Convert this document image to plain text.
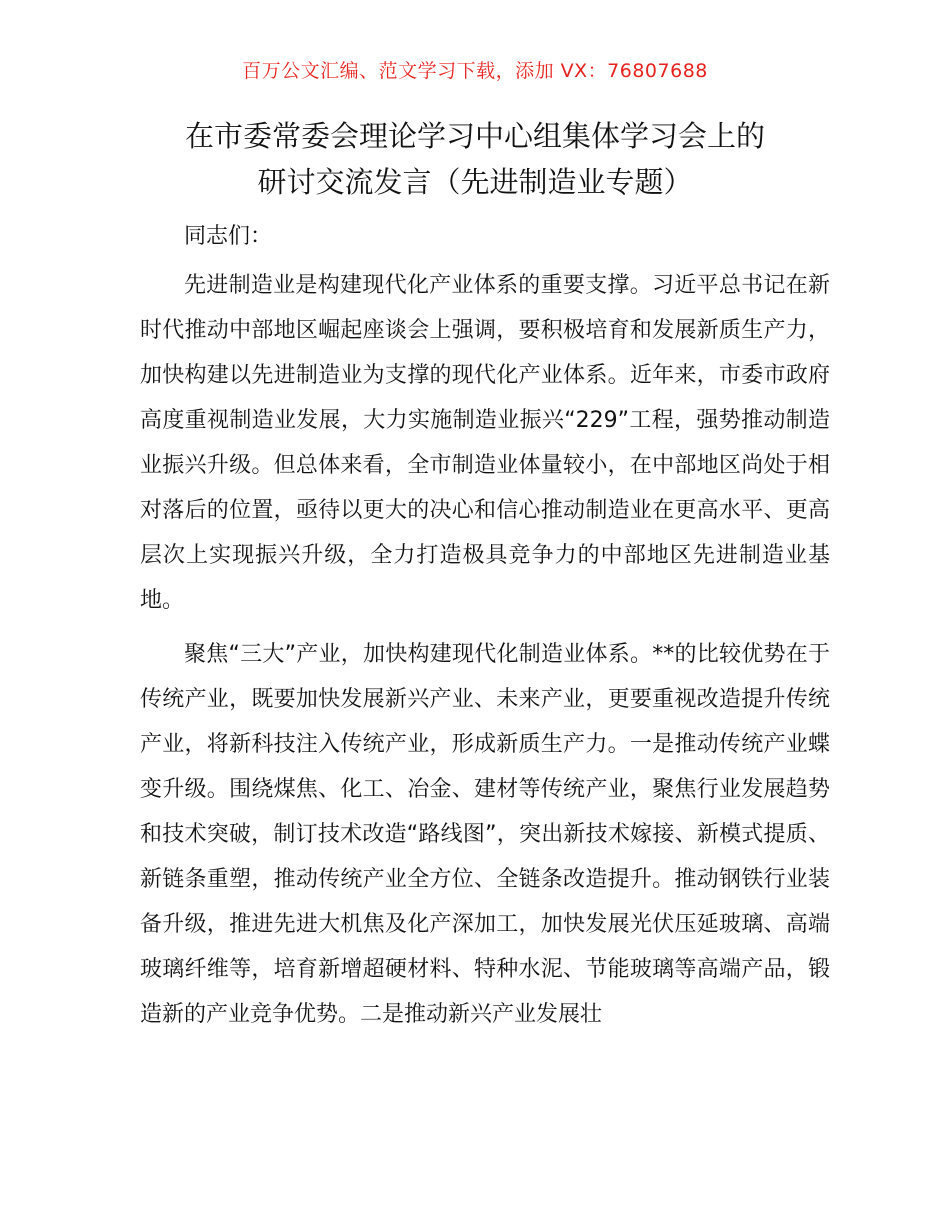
百万公文汇编、范文学习下载，添加 VX：76807688
在市委常委会理论学习中心组集体学习会上的
研讨交流发言（先进制造业专题）

同志们：

先进制造业是构建现代化产业体系的重要支撑。习近平总书记在新时代推动中部地区崛起座谈会上强调，要积极培育和发展新质生产力，加快构建以先进制造业为支撑的现代化产业体系。近年来，市委市政府高度重视制造业发展，大力实施制造业振兴“229”工程，强势推动制造业振兴升级。但总体来看，全市制造业体量较小，在中部地区尚处于相对落后的位置，亟待以更大的决心和信心推动制造业在更高水平、更高层次上实现振兴升级，全力打造极具竞争力的中部地区先进制造业基地。

聚焦“三大”产业，加快构建现代化制造业体系。**的比较优势在于传统产业，既要加快发展新兴产业、未来产业，更要重视改造提升传统产业，将新科技注入传统产业，形成新质生产力。一是推动传统产业蝶变升级。围绕煤焦、化工、冶金、建材等传统产业，聚焦行业发展趋势和技术突破，制订技术改造“路线图”，突出新技术嫁接、新模式提质、新链条重塑，推动传统产业全方位、全链条改造提升。推动钢铁行业装备升级，推进先进大机焦及化产深加工，加快发展光伏压延玻璃、高端玻璃纤维等，培育新增超硬材料、特种水泥、节能玻璃等高端产品，锻造新的产业竞争优势。二是推动新兴产业发展壮
